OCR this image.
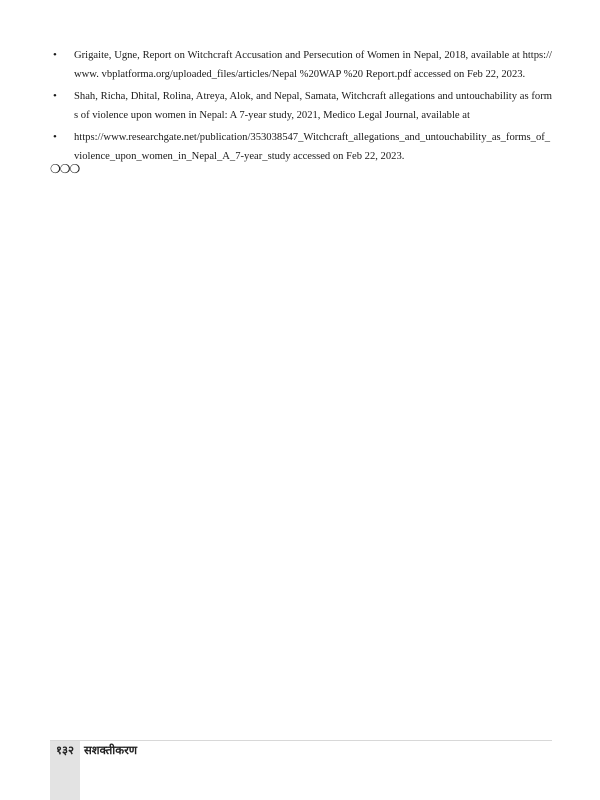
• Grigaite, Ugne, Report on Witchcraft Accusation and Persecution of Women in Nepal, 2018, available at https:// www. vbplatforma.org/uploaded_files/articles/Nepal %20WAP %20 Report.pdf accessed on Feb 22, 2023.
• Shah, Richa, Dhital, Rolina, Atreya, Alok, and Nepal, Samata, Witchcraft allegations and untouchability as forms of violence upon women in Nepal: A 7-year study, 2021, Medico Legal Journal, available at
• https://www.researchgate.net/publication/353038547_Witchcraft_allegations_and_untouchability_as_forms_of_violence_upon_women_in_Nepal_A_7-year_study accessed on Feb 22, 2023.
❍❍❍
१३२ सशक्तीकरण
